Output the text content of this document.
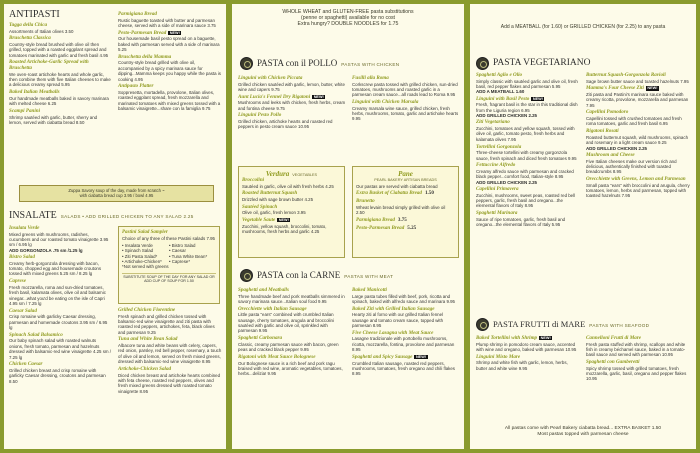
ANTIPASTI
Tagga della Chica
Assortments of Italian olives 3.50
Bruschetta Classica
Country-style bread brushed with olive oil then grilled, topped with a roasted eggplant spread and tomatoes marinated with garlic and fresh basil 4.95
Roasted Artichoke-Garlic Spread with Bruschetta
We oven-roast artichoke hearts and whole garlic, then combine them with five Italian cheeses to make a delicious creamy spread 5.95
Baked Italian Meatballs
Our handmade meatballs baked in savory marinara with melted cheese 6.25
Scampi Panini
Shrimp sautéed with garlic, butter, sherry and lemon, served with ciabatta bread 8.50
Parmigiana Bread
Rustic baguette toasted with butter and parmesan cheese, served with a side of marinara sauce 3.75
Pesto-Parmesan Bread NEW!
Our housemade basil pesto spread on a baguette, baked with parmesan served with a side of marinara 5.25
Bruschetta della Mamma
Country-style bread grilled with olive oil, accompanied by a spicy marinara sauce for dipping...Mamma keeps you happy while the pasta is cooking 4.95
Antipasto Platter
Soppresetta, mortadella, provolone, Italian olives, roasted eggplant spread, fresh mozzarella and marinated tomatoes with mixed greens tossed with a balsamic vinaigrette...share con la famiglia 9.75
Zuppa Savory soup of the day, made from scratch ~
with ciabatta bread cup 3.95 / bowl 4.95
INSALATE SALADS • ADD GRILLED CHICKEN TO ANY SALAD 2.25
Insalata Verde
Mixed greens with mushrooms, radishes, cucumbers and our roasted tomato vinaigrette 3.95 sm / 6.95 lg
ADD GORGONZOLA .75 sm /1.25 lg
Bistro Salad
Creamy herb-gorgonzola dressing with bacon, tomato, chopped egg and housemade croutons tossed with mixed greens 5.25 sm / 8.25 lg
Caprese
Fresh mozzarella, roma and sun-dried tomatoes, fresh basil, kalamata olives, olive oil and balsamic vinegar...what you'd be eating on the isle of Capri 4.95 sm / 7.25 lg
Caesar Salad
Crisp romaine with garlicky Caesar dressing, parmesan and homemade croutons 3.95 sm / 6.95 lg
Spinach Salad Balsamico
Our baby spinach salad with roasted walnuts onions, fresh tomato, parmesan and hazelnuts dressed with balsamic-red wine vinaigrette 4.25 sm / 7.25 lg
Chicken Caesar
Grilled chicken breast and crisp romaine with garlicky Caesar dressing, croutons and parmesan 8.50
Pastini Salad Sampler
Choice of any three of these Pastini salads 7.95
• Insalata Verde	• Bistro Salad
• Spinach Salad	• Caesar
• Ziti Pasta Salad*	• Tuna White Bean*
• Artichoke-Chicken*	• Caprese*
*Not served with greens
SUBSTITUTE SOUP OF THE DAY FOR ANY SALAD OR ADD CUP OF SOUP FOR 1.50
Grilled Chicken Florentine
Fresh spinach and grilled chicken tossed with balsamic-red wine vinaigrette and ziti pasta with roasted red peppers, artichokes, feta, black olives and parmesan 9.25
Tuna and White Bean Salad
Albacore tuna and white beans with celery, capers, red onion, parsley, red bell pepper, rosemary, a touch of olive oil and lemon, served on fresh mixed greens, dressed with balsamic-red wine vinaigrette 8.95
Artichoke-Chicken Salad
Diced chicken breast and artichoke hearts combined with feta cheese, roasted red peppers, olives and fresh mixed greens dressed with roasted tomato vinaigrette 8.95
WHOLE WHEAT and GLUTEN-FREE pasta substitutions
(penne or spaghetti) available for no cost
Extra hungry? DOUBLE NOODLES for 1.75
PASTA con il POLLO PASTAS WITH CHICKEN
Linguini with Chicken Piccata
Grilled chicken sautéed with garlic, lemon, butter, white wine and capers 9.75
Aunt Lucia's Fennel Dry Rigatoni NEW!
Mushrooms and leeks with chicken, fresh herbs, cream and fontina cheese 9.75
Linguini Pesto Pollo
Grilled chicken, artichoke hearts and roasted red peppers in pesto cream sauce 10.95
Fusilli alla Roma
Corkscrew pasta tossed with grilled chicken, sun-dried tomatoes, mushrooms and roasted garlic in a parmesan cream sauce...all roads lead to Roma 9.95
Linguini with Chicken Marsala
Creamy marsala wine sauce, grilled chicken, fresh herbs, mushrooms, tomato, garlic and artichoke hearts 9.95
Verdura VEGETABLES
Broccolini
Sautéed in garlic, olive oil with fresh herbs 4.25
Roasted Butternut Squash
Drizzled with sage brown butter 4.25
Sautéed Spinach
Olive oil, garlic, fresh lemon 3.95
Vegetable Saute NEW!
Zucchini, yellow squash, broccolini, tomato, mushrooms, fresh herbs and garlic 4.25
Pane
PEARL BAKERY ARTISAN BREADS
Our pastas are served with ciabatta bread
Extra Basket of Ciabatta Bread 1.50
Brunetto
Wheat levain bread simply grilled with olive oil 2.50
Parmigiana Bread 3.75
Pesto-Parmesan Bread 5.25
PASTA con la CARNE PASTAS WITH MEAT
Spaghetti and Meatballs
Three handmade beef and pork meatballs simmered in savory marinara sauce...Italian soul food 9.95
Orecchiette with Italian Sausage
Little pasta "ears" combined with crumbled Italian sausage, cherry tomatoes, arugula and broccolini sautéed with garlic and olive oil, sprinkled with parmesan 9.95
Spaghetti Carbonara
Classic, creamy parmesan sauce with bacon, green peas and cracked black pepper 9.95
Rigatoni with Meat Sauce Bolognese
Our Bolognese sauce is a rich beef and pork ragu braised with red wine, aromatic vegetables, tomatoes, herbs...delizia! 9.95
Baked Manicotti
Large pasta tubes filled with beef, pork, ricotta and spinach, baked with alfredo sauce and marinara 9.95
Baked Ziti with Grilled Italian Sausage
Hearty ziti al forno with our grilled Italian fennel sausage and tomato cream sauce, topped with parmesan 8.95
Five Cheese Lasagna with Meat Sauce
Lasagne tradizionale with portobello mushrooms, ricotta, mozzarella, fontina, provolone and parmesan 8.95
Spaghetti and Spicy Sausage NEW!
Crumbled Italian sausage, roasted red peppers, mushrooms, tomatoes, fresh oregano and chili flakes 8.95
Add a MEATBALL (for 1.60) or GRILLED CHICKEN (for 2.25) to any pasta
PASTA VEGETARIANO
Spaghetti Aglio e Olio
Simply classic with sautéed garlic and olive oil, fresh basil, red pepper flakes and parmesan 5.95
ADD A MEATBALL 1.60
Linguini with Basil Pesto NEW!
Fresh, fragrant basil is the star in this traditional dish from the Liguria region 6.95
ADD GRILLED CHICKEN 2.25
Ziti Vegetariano
Zucchini, tomatoes and yellow squash, tossed with olive oil, garlic, tomato pesto, fresh herbs and kalamata olives 7.95
Tortellini Gorgonzola
Three-cheese tortellini with creamy gorgonzola sauce, fresh spinach and diced fresh tomatoes 9.95
Fettuccine Alfredo
Creamy alfredo sauce with parmesan and cracked black pepper...comfort food, Italian-style 8.95
ADD GRILLED CHICKEN 2.25
Capellini Primavera
Zucchini, mushrooms, sweet peas, roasted red bell peppers, garlic, fresh basil and oregano...the elemental flavors of Italy 8.95
Spaghetti Marinara
Sauce of ripe tomatoes, garlic, fresh basil and oregano...the elemental flavors of Italy 5.95
Butternut Squash-Gorgonzola Ravioli
Sage brown butter sauce and toasted hazelnuts 7.95
Mamma's Four Cheese Ziti NEW!
Ziti pasta and Pastini's marinara sauce baked with creamy ricotta, provolone, mozzarella and parmesan 7.95
Capellini Pomodoro
Capellini tossed with crushed tomatoes and fresh roma tomatoes, garlic and fresh basil 6.95
Rigatoni Rosati
Roasted butternut squash, wild mushrooms, spinach and rosemary in a light cream sauce 9.25
ADD GRILLED CHICKEN 2.25
Mushroom and Cheese
Five Italian cheeses make our version rich and delicious, authentically finished with toasted breadcrumbs 8.95
Orecchiette with Greens, Lemon and Parmesan
Small pasta "ears" with broccolini and arugula, cherry tomatoes, lemon, herbs and parmesan, topped with toasted hazelnuts 7.95
PASTA FRUTTI di MARE PASTAS WITH SEAFOOD
Baked Tortellini with Shrimp NEW!
Plump shrimp in pomodoro cream sauce, accented with wine and oregano, baked with parmesan 10.95
Linguini Misto Mare
Shrimp and white fish with garlic, lemon, herbs, butter and white wine 9.95
Cannelloni Frutti di Mare
Fresh pasta stuffed with shrimp, scallops and white fish in creamy béchamel sauce, baked in a tomato-basil sauce and served with parmesan 10.95
Spaghetti con Gamberetti
Spicy shrimp tossed with grilled tomatoes, fresh mozzarella, garlic, basil, oregano and pepper flakes 10.95
All pastas come with Pearl Bakery ciabatta bread... EXTRA BASKET 1.50
Most pastas topped with parmesan cheese
